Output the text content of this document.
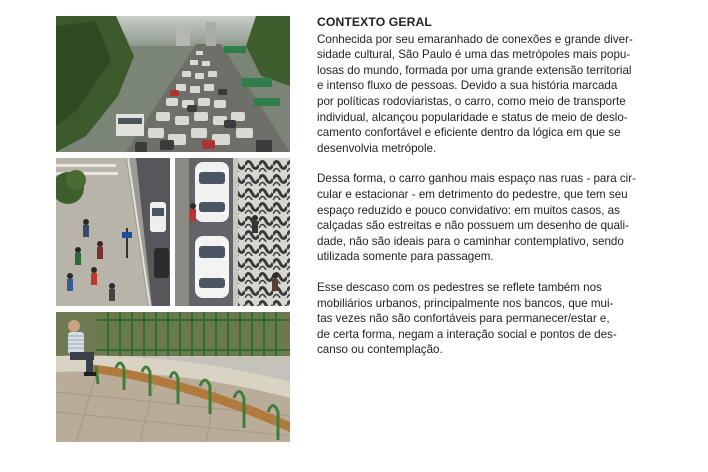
CONTEXTO GERAL

Conhecida por seu emaranhado de conexões e grande diver-
sidade cultural, São Paulo é uma das metrópoles mais popu-
losas do mundo, formada por uma grande extensão territorial
e intenso fluxo de pessoas. Devido a sua história marcada
por políticas rodoviaristas, o carro, como meio de transporte
individual, alcançou popularidade e status de meio de deslo-
camento confortável e eficiente dentro da lógica em que se
desenvolvia metrópole.

Dessa forma, o carro ganhou mais espaço nas ruas - para cir-
cular e estacionar - em detrimento do pedestre, que tem seu
espaço reduzido e pouco convidativo: em muitos casos, as
calçadas são estreitas e não possuem um desenho de quali-
dade, não são ideais para o caminhar contemplativo, sendo
utilizada somente para passagem.

Esse descaso com os pedestres se reflete também nos
mobiliários urbanos, principalmente nos bancos, que mui-
tas vezes não são confortáveis para permanecer/estar e,
de certa forma, negam a interação social e pontos de des-
canso ou contemplação.
